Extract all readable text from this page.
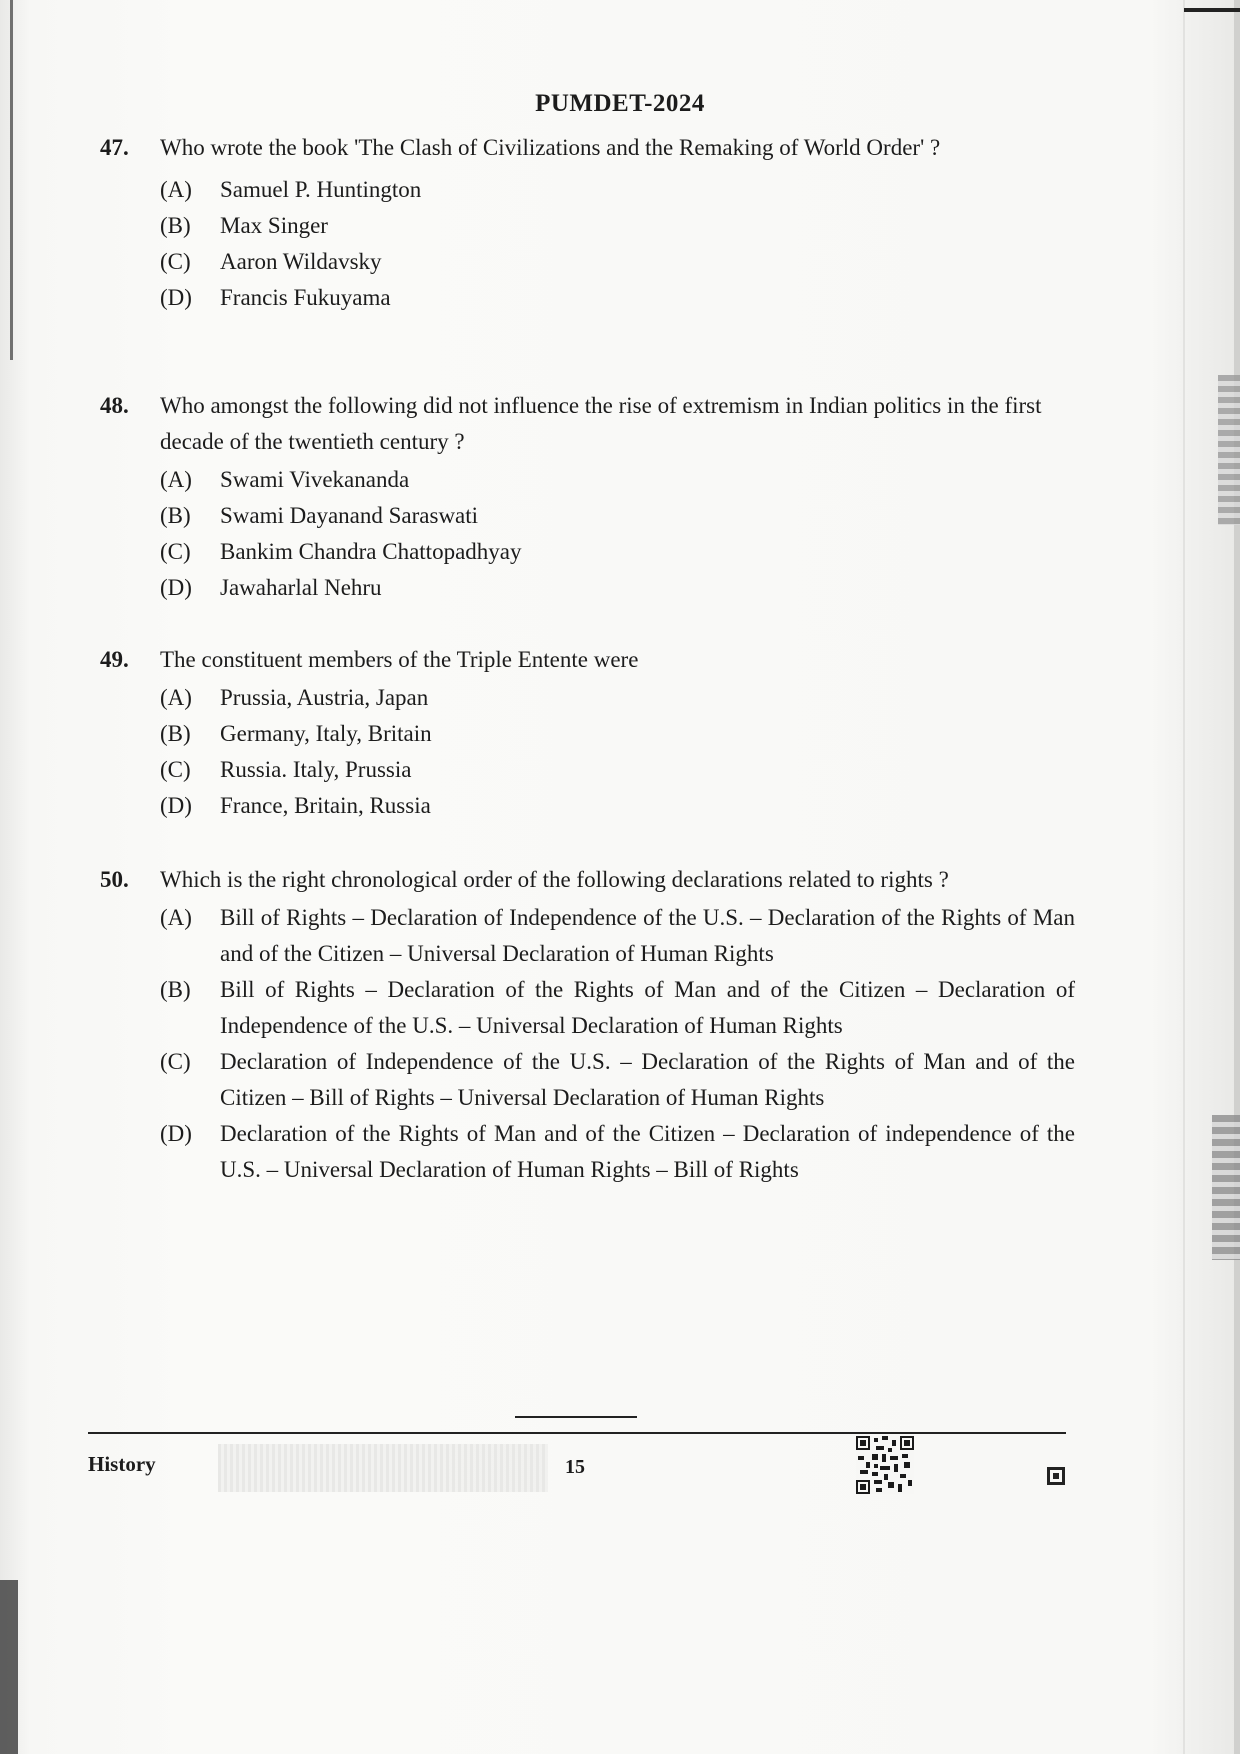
PUMDET-2024
47.	Who wrote the book 'The Clash of Civilizations and the Remaking of World Order' ?
(A) Samuel P. Huntington
(B) Max Singer
(C) Aaron Wildavsky
(D) Francis Fukuyama
48.	Who amongst the following did not influence the rise of extremism in Indian politics in the first decade of the twentieth century ?
(A) Swami Vivekananda
(B) Swami Dayanand Saraswati
(C) Bankim Chandra Chattopadhyay
(D) Jawaharlal Nehru
49.	The constituent members of the Triple Entente were
(A) Prussia, Austria, Japan
(B) Germany, Italy, Britain
(C) Russia. Italy, Prussia
(D) France, Britain, Russia
50.	Which is the right chronological order of the following declarations related to rights ?
(A) Bill of Rights – Declaration of Independence of the U.S. – Declaration of the Rights of Man and of the Citizen – Universal Declaration of Human Rights
(B) Bill of Rights – Declaration of the Rights of Man and of the Citizen – Declaration of Independence of the U.S. – Universal Declaration of Human Rights
(C) Declaration of Independence of the U.S. – Declaration of the Rights of Man and of the Citizen – Bill of Rights – Universal Declaration of Human Rights
(D) Declaration of the Rights of Man and of the Citizen – Declaration of independence of the U.S. – Universal Declaration of Human Rights – Bill of Rights
History	15
